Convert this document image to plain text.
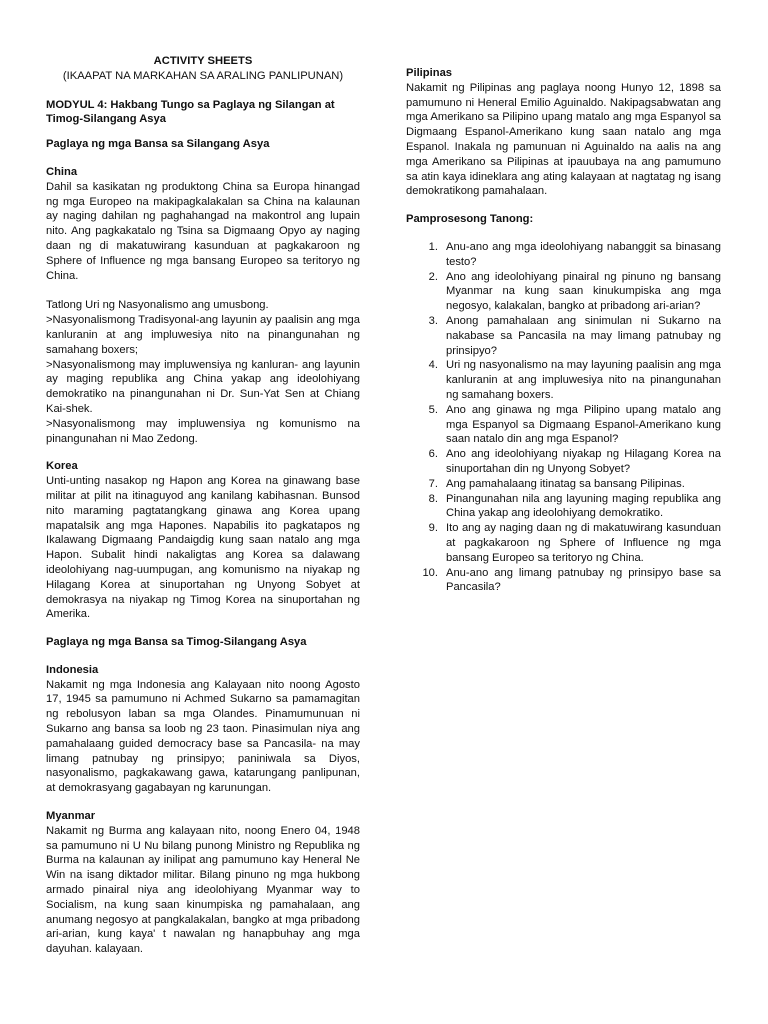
ACTIVITY SHEETS
(IKAAPAT NA MARKAHAN SA ARALING PANLIPUNAN)
MODYUL 4: Hakbang Tungo sa Paglaya ng Silangan at
Timog-Silangang Asya
Paglaya ng mga Bansa sa Silangang Asya
China

Dahil sa kasikatan ng produktong China sa Europa hinangad ng mga Europeo na makipagkalakalan sa China na kalaunan ay naging dahilan ng paghahangad na makontrol ang lupain nito. Ang pagkakatalo ng Tsina sa Digmaang Opyo ay naging daan ng di makatuwirang kasunduan at pagkakaroon ng Sphere of Influence ng mga bansang Europeo sa teritoryo ng China.

Tatlong Uri ng Nasyonalismo ang umusbong.

>Nasyonalismong Tradisyonal-ang layunin ay paalisin ang mga kanluranin at ang impluwesiya nito na pinangunahan ng samahang boxers;

>Nasyonalismong may impluwensiya ng kanluran- ang layunin ay maging republika ang China yakap ang ideolohiyang demokratiko na pinangunahan ni Dr. Sun-Yat Sen at Chiang Kai-shek.

>Nasyonalismong may impluwensiya ng komunismo na pinangunahan ni Mao Zedong.

Korea

Unti-unting nasakop ng Hapon ang Korea na ginawang base militar at pilit na itinaguyod ang kanilang kabihasnan. Bunsod nito maraming pagtatangkang ginawa ang Korea upang mapatalsik ang mga Hapones. Napabilis ito pagkatapos ng Ikalawang Digmaang Pandaigdig kung saan natalo ang mga Hapon. Subalit hindi nakaligtas ang Korea sa dalawang ideolohiyang nag-uumpugan, ang komunismo na niyakap ng Hilagang Korea at sinuportahan ng Unyong Sobyet at demokrasya na niyakap ng Timog Korea na sinuportahan ng Amerika.

Paglaya ng mga Bansa sa Timog-Silangang Asya
Indonesia

Nakamit ng mga Indonesia ang Kalayaan nito noong Agosto 17, 1945 sa pamumuno ni Achmed Sukarno sa pamamagitan ng rebolusyon laban sa mga Olandes. Pinamumunuan ni Sukarno ang bansa sa loob ng 23 taon. Pinasimulan niya ang pamahalaang guided democracy base sa Pancasila- na may limang patnubay ng prinsipyo; paniniwala sa Diyos, nasyonalismo, pagkakawang gawa, katarungang panlipunan, at demokrasyang gagabayan ng karunungan.

Myanmar

Nakamit ng Burma ang kalayaan nito, noong Enero 04, 1948 sa pamumuno ni U Nu bilang punong Ministro ng Republika ng Burma na kalaunan ay inilipat ang pamumuno kay Heneral Ne Win na isang diktador militar. Bilang pinuno ng mga hukbong armado pinairal niya ang ideolohiyang Myanmar way to Socialism, na kung saan kinumpiska ng pamahalaan, ang anumang negosyo at pangkalakalan, bangko at mga pribadong ari-arian, kung kaya' t nawalan ng hanapbuhay ang mga dayuhan. kalayaan.

Pilipinas

Nakamit ng Pilipinas ang paglaya noong Hunyo 12, 1898 sa pamumuno ni Heneral Emilio Aguinaldo. Nakipagsabwatan ang mga Amerikano sa Pilipino upang matalo ang mga Espanyol sa Digmaang Espanol-Amerikano kung saan natalo ang mga Espanol. Inakala ng pamunuan ni Aguinaldo na aalis na ang mga Amerikano sa Pilipinas at ipauubaya na ang pamumuno sa atin kaya idineklara ang ating kalayaan at nagtatag ng isang demokratikong pamahalaan.

Pamprosesong Tanong:
1. Anu-ano ang mga ideolohiyang nabanggit sa binasang testo?
2. Ano ang ideolohiyang pinairal ng pinuno ng bansang Myanmar na kung saan kinukumpiska ang mga negosyo, kalakalan, bangko at pribadong ari-arian?
3. Anong pamahalaan ang sinimulan ni Sukarno na nakabase sa Pancasila na may limang patnubay ng prinsipyo?
4. Uri ng nasyonalismo na may layuning paalisin ang mga kanluranin at ang impluwesiya nito na pinangunahan ng samahang boxers.
5. Ano ang ginawa ng mga Pilipino upang matalo ang mga Espanyol sa Digmaang Espanol-Amerikano kung saan natalo din ang mga Espanol?
6. Ano ang ideolohiyang niyakap ng Hilagang Korea na sinuportahan din ng Unyong Sobyet?
7. Ang pamahalaang itinatag sa bansang Pilipinas.
8. Pinangunahan nila ang layuning maging republika ang China yakap ang ideolohiyang demokratiko.
9. Ito ang ay naging daan ng di makatuwirang kasunduan at pagkakaroon ng Sphere of Influence ng mga bansang Europeo sa teritoryo ng China.
10. Anu-ano ang limang patnubay ng prinsipyo base sa Pancasila?
